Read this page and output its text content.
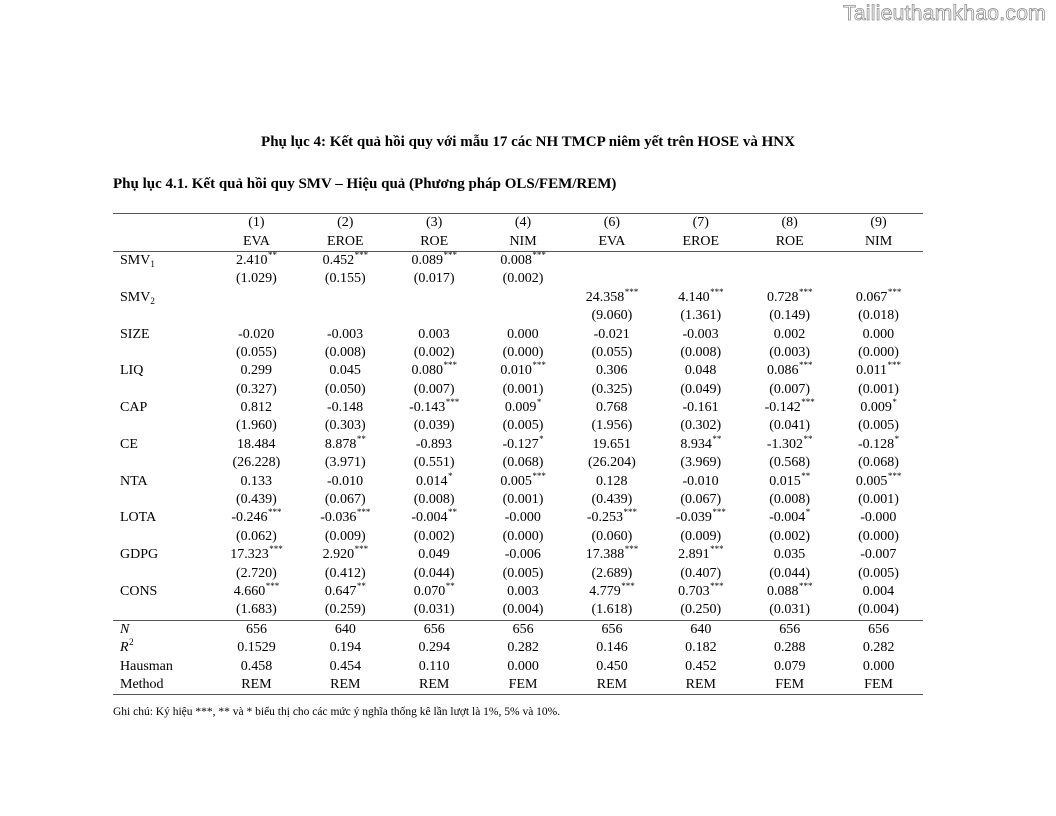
Tailieuthamkhao.com
Phụ lục 4: Kết quả hồi quy với mẫu 17 các NH TMCP niêm yết trên HOSE và HNX
Phụ lục 4.1. Kết quả hồi quy SMV – Hiệu quả (Phương pháp OLS/FEM/REM)
	(1)	(2)	(3)	(4)	(6)	(7)	(8)	(9)
	EVA	EROE	ROE	NIM	EVA	EROE	ROE	NIM
$SMV_1$	2.410**	0.452***	0.089***	0.008***				
	(1.029)	(0.155)	(0.017)	(0.002)				
$SMV_2$					24.358***	4.140***	0.728***	0.067***
					(9.060)	(1.361)	(0.149)	(0.018)
SIZE	-0.020	-0.003	0.003	0.000	-0.021	-0.003	0.002	0.000
	(0.055)	(0.008)	(0.002)	(0.000)	(0.055)	(0.008)	(0.003)	(0.000)
LIQ	0.299	0.045	0.080***	0.010***	0.306	0.048	0.086***	0.011***
	(0.327)	(0.050)	(0.007)	(0.001)	(0.325)	(0.049)	(0.007)	(0.001)
CAP	0.812	-0.148	-0.143***	0.009*	0.768	-0.161	-0.142***	0.009*
	(1.960)	(0.303)	(0.039)	(0.005)	(1.956)	(0.302)	(0.041)	(0.005)
CE	18.484	8.878**	-0.893	-0.127*	19.651	8.934**	-1.302**	-0.128*
	(26.228)	(3.971)	(0.551)	(0.068)	(26.204)	(3.969)	(0.568)	(0.068)
NTA	0.133	-0.010	0.014*	0.005***	0.128	-0.010	0.015**	0.005***
	(0.439)	(0.067)	(0.008)	(0.001)	(0.439)	(0.067)	(0.008)	(0.001)
LOTA	-0.246***	-0.036***	-0.004**	-0.000	-0.253***	-0.039***	-0.004*	-0.000
	(0.062)	(0.009)	(0.002)	(0.000)	(0.060)	(0.009)	(0.002)	(0.000)
GDPG	17.323***	2.920***	0.049	-0.006	17.388***	2.891***	0.035	-0.007
	(2.720)	(0.412)	(0.044)	(0.005)	(2.689)	(0.407)	(0.044)	(0.005)
CONS	4.660***	0.647**	0.070**	0.003	4.779***	0.703***	0.088***	0.004
	(1.683)	(0.259)	(0.031)	(0.004)	(1.618)	(0.250)	(0.031)	(0.004)
N	656	640	656	656	656	640	656	656
$R^2$	0.1529	0.194	0.294	0.282	0.146	0.182	0.288	0.282
Hausman	0.458	0.454	0.110	0.000	0.450	0.452	0.079	0.000
Method	REM	REM	REM	FEM	REM	REM	FEM	FEM
Ghi chú: Ký hiệu ***, ** và * biểu thị cho các mức ý nghĩa thống kê lần lượt là 1%, 5% và 10%.
